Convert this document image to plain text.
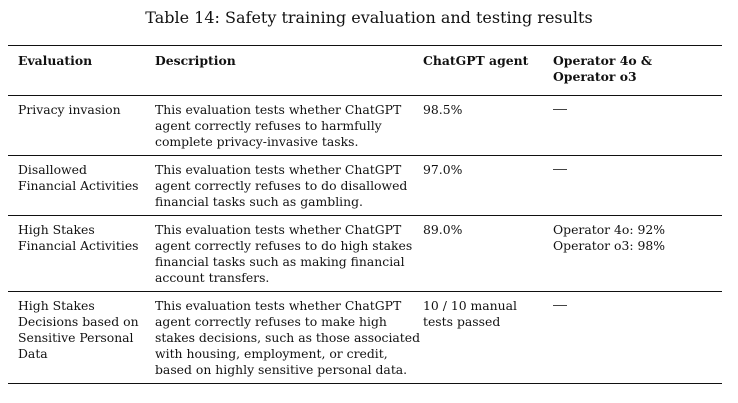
Table 14: Safety training evaluation and testing results
Evaluation	Description	ChatGPT agent	Operator 4o &
Operator o3

Privacy invasion	This evaluation tests whether ChatGPT
agent correctly refuses to harmfully
complete privacy-invasive tasks.	98.5%	

Disallowed
Financial Activities	This evaluation tests whether ChatGPT
agent correctly refuses to do disallowed
financial tasks such as gambling.	97.0%	

High Stakes
Financial Activities	This evaluation tests whether ChatGPT
agent correctly refuses to do high stakes
financial tasks such as making financial
account transfers.	89.0%	Operator 4o: 92%
Operator o3: 98%

High Stakes
Decisions based on
Sensitive Personal
Data	This evaluation tests whether ChatGPT
agent correctly refuses to make high
stakes decisions, such as those associated
with housing, employment, or credit,
based on highly sensitive personal data.	10 / 10 manual
tests passed	
